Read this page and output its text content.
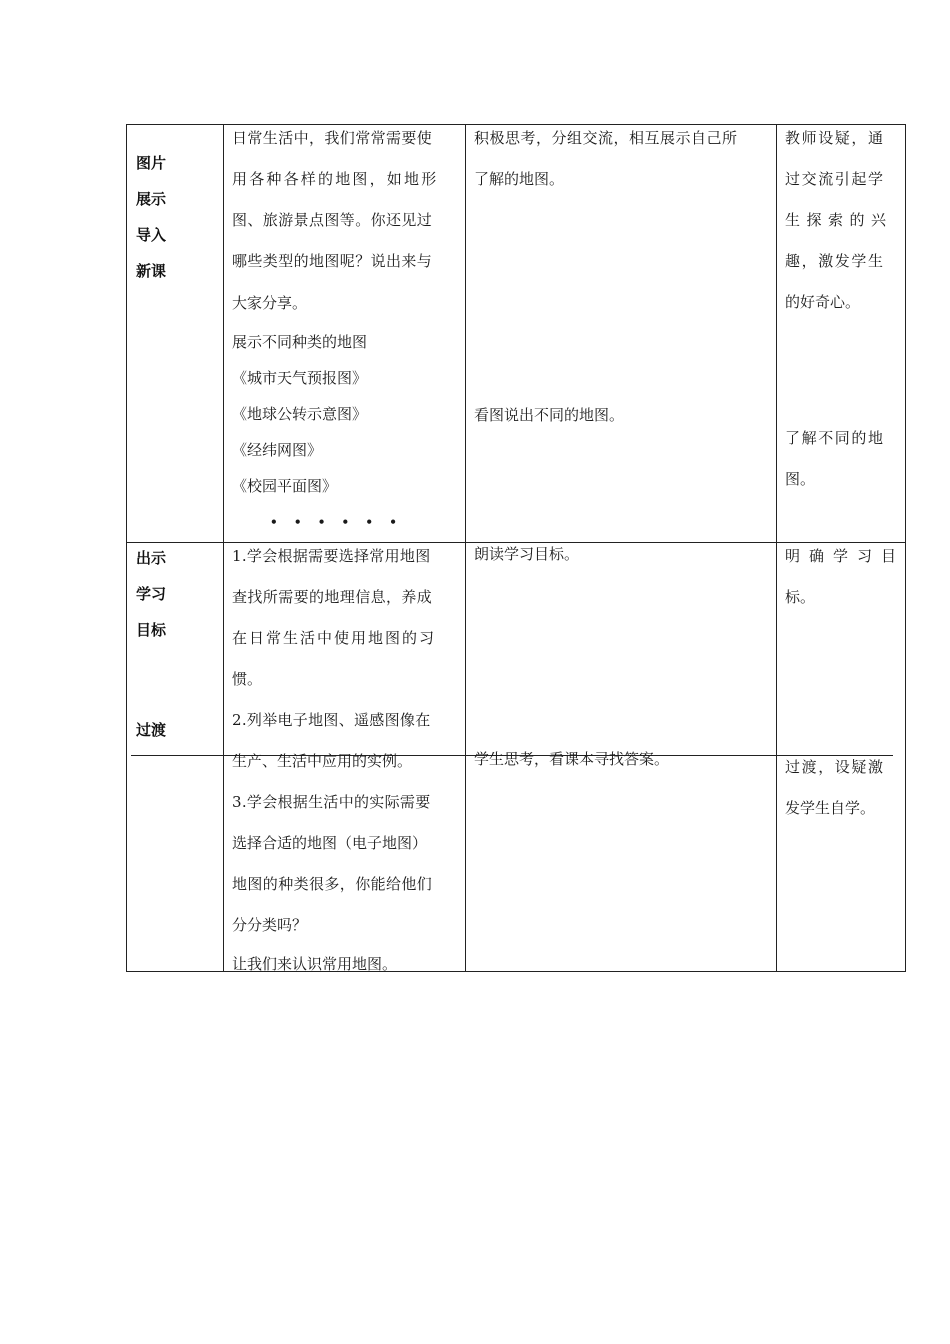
图片
展示
导入
新课
日常生活中，我们常常需要使
用各种各样的地图，如地形
图、旅游景点图等。你还见过
哪些类型的地图呢？说出来与
大家分享。
展示不同种类的地图
《城市天气预报图》
《地球公转示意图》
《经纬网图》
《校园平面图》
• • • • • •
积极思考，分组交流，相互展示自己所
了解的地图。
看图说出不同的地图。
教师设疑，通
过交流引起学
生探索的兴
趣，激发学生
的好奇心。
了解不同的地
图。
出示
学习
目标
过渡
1.学会根据需要选择常用地图
查找所需要的地理信息，养成
在日常生活中使用地图的习
惯。
2.列举电子地图、遥感图像在
生产、生活中应用的实例。
3.学会根据生活中的实际需要
选择合适的地图（电子地图）
地图的种类很多，你能给他们
分分类吗？
让我们来认识常用地图。
朗读学习目标。
学生思考，看课本寻找答案。
明确学习目
标。
过渡，设疑激
发学生自学。
